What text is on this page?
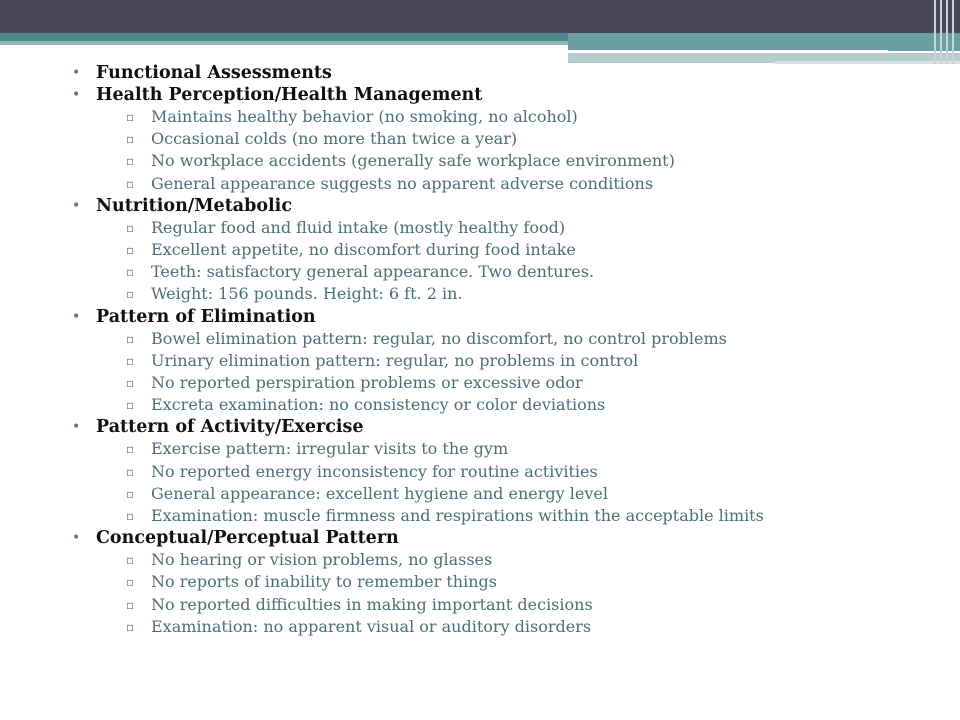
• Functional Assessments
• Health Perception/Health Management
▫ Maintains healthy behavior (no smoking, no alcohol)
▫ Occasional colds (no more than twice a year)
▫ No workplace accidents (generally safe workplace environment)
▫ General appearance suggests no apparent adverse conditions
• Nutrition/Metabolic
▫ Regular food and fluid intake (mostly healthy food)
▫ Excellent appetite, no discomfort during food intake
▫ Teeth: satisfactory general appearance. Two dentures.
▫ Weight: 156 pounds. Height: 6 ft. 2 in.
• Pattern of Elimination
▫ Bowel elimination pattern: regular, no discomfort, no control problems
▫ Urinary elimination pattern: regular, no problems in control
▫ No reported perspiration problems or excessive odor
▫ Excreta examination: no consistency or color deviations
• Pattern of Activity/Exercise
▫ Exercise pattern: irregular visits to the gym
▫ No reported energy inconsistency for routine activities
▫ General appearance: excellent hygiene and energy level
▫ Examination: muscle firmness and respirations within the acceptable limits
• Conceptual/Perceptual Pattern
▫ No hearing or vision problems, no glasses
▫ No reports of inability to remember things
▫ No reported difficulties in making important decisions
▫ Examination: no apparent visual or auditory disorders
